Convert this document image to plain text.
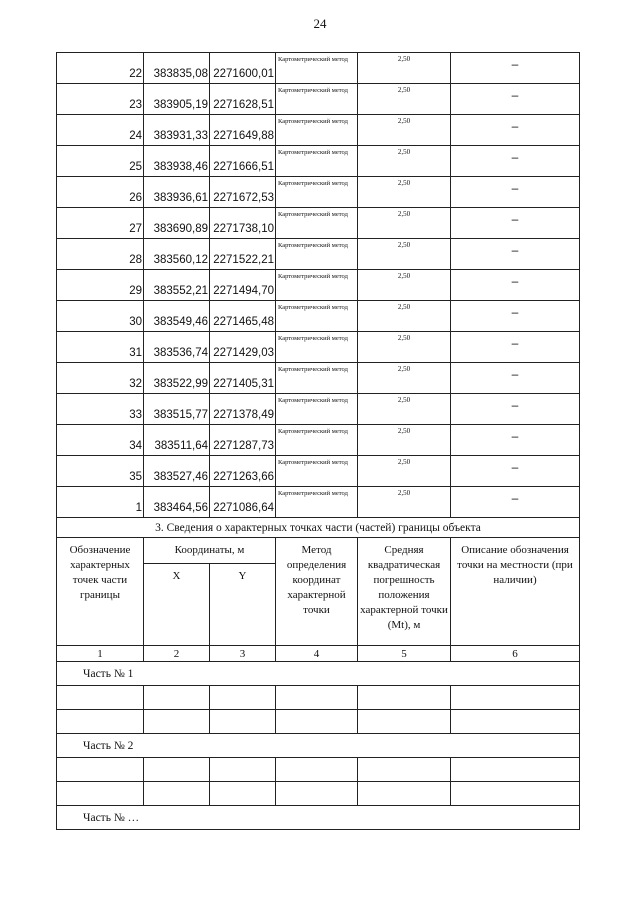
24
22	383835,08	2271600,01	Картометрический метод	2,50	–
23	383905,19	2271628,51	Картометрический метод	2,50	–
24	383931,33	2271649,88	Картометрический метод	2,50	–
25	383938,46	2271666,51	Картометрический метод	2,50	–
26	383936,61	2271672,53	Картометрический метод	2,50	–
27	383690,89	2271738,10	Картометрический метод	2,50	–
28	383560,12	2271522,21	Картометрический метод	2,50	–
29	383552,21	2271494,70	Картометрический метод	2,50	–
30	383549,46	2271465,48	Картометрический метод	2,50	–
31	383536,74	2271429,03	Картометрический метод	2,50	–
32	383522,99	2271405,31	Картометрический метод	2,50	–
33	383515,77	2271378,49	Картометрический метод	2,50	–
34	383511,64	2271287,73	Картометрический метод	2,50	–
35	383527,46	2271263,66	Картометрический метод	2,50	–
1	383464,56	2271086,64	Картометрический метод	2,50	–
3. Сведения о характерных точках части (частей) границы объекта					
Обозначение характерных точек части границы	Координаты, м		Метод определения координат характерной точки	Средняя квадратическая погрешность положения характерной точки (Мt), м	Описание обозначения точки на местности (при наличии)
	X	Y			
1	2	3	4	5	6
Часть № 1					

Часть № 2					

Часть № …					
